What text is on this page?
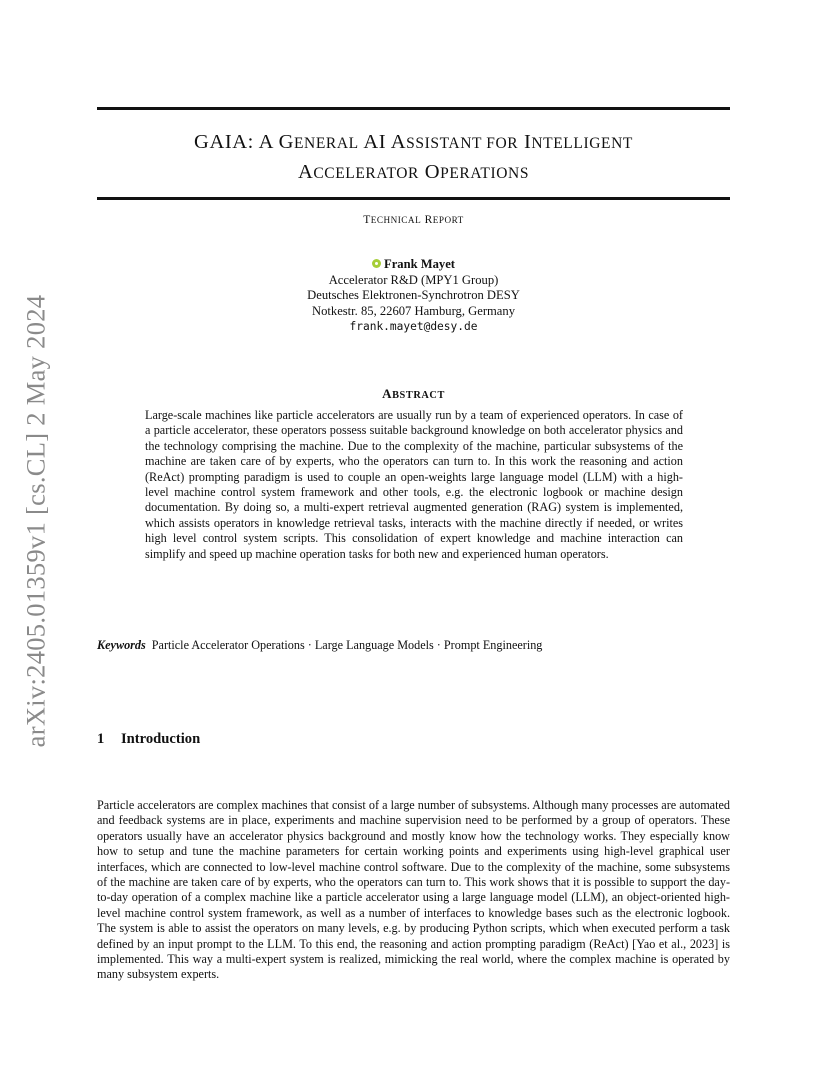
arXiv:2405.01359v1 [cs.CL] 2 May 2024
GAIA: A GENERAL AI ASSISTANT FOR INTELLIGENT
ACCELERATOR OPERATIONS
TECHNICAL REPORT
Frank Mayet
Accelerator R&D (MPY1 Group)
Deutsches Elektronen-Synchrotron DESY
Notkestr. 85, 22607 Hamburg, Germany
frank.mayet@desy.de
ABSTRACT
Large-scale machines like particle accelerators are usually run by a team of experienced operators. In case of a particle accelerator, these operators possess suitable background knowledge on both accelerator physics and the technology comprising the machine. Due to the complexity of the machine, particular subsystems of the machine are taken care of by experts, who the operators can turn to. In this work the reasoning and action (ReAct) prompting paradigm is used to couple an open-weights large language model (LLM) with a high-level machine control system framework and other tools, e.g. the electronic logbook or machine design documentation. By doing so, a multi-expert retrieval augmented generation (RAG) system is implemented, which assists operators in knowledge retrieval tasks, interacts with the machine directly if needed, or writes high level control system scripts. This consolidation of expert knowledge and machine interaction can simplify and speed up machine operation tasks for both new and experienced human operators.
Keywords Particle Accelerator Operations · Large Language Models · Prompt Engineering
1 Introduction
Particle accelerators are complex machines that consist of a large number of subsystems. Although many processes are automated and feedback systems are in place, experiments and machine supervision need to be performed by a group of operators. These operators usually have an accelerator physics background and mostly know how the technology works. They especially know how to setup and tune the machine parameters for certain working points and experiments using high-level graphical user interfaces, which are connected to low-level machine control software. Due to the complexity of the machine, some subsystems of the machine are taken care of by experts, who the operators can turn to. This work shows that it is possible to support the day-to-day operation of a complex machine like a particle accelerator using a large language model (LLM), an object-oriented high-level machine control system framework, as well as a number of interfaces to knowledge bases such as the electronic logbook. The system is able to assist the operators on many levels, e.g. by producing Python scripts, which when executed perform a task defined by an input prompt to the LLM. To this end, the reasoning and action prompting paradigm (ReAct) [Yao et al., 2023] is implemented. This way a multi-expert system is realized, mimicking the real world, where the complex machine is operated by many subsystem experts.
